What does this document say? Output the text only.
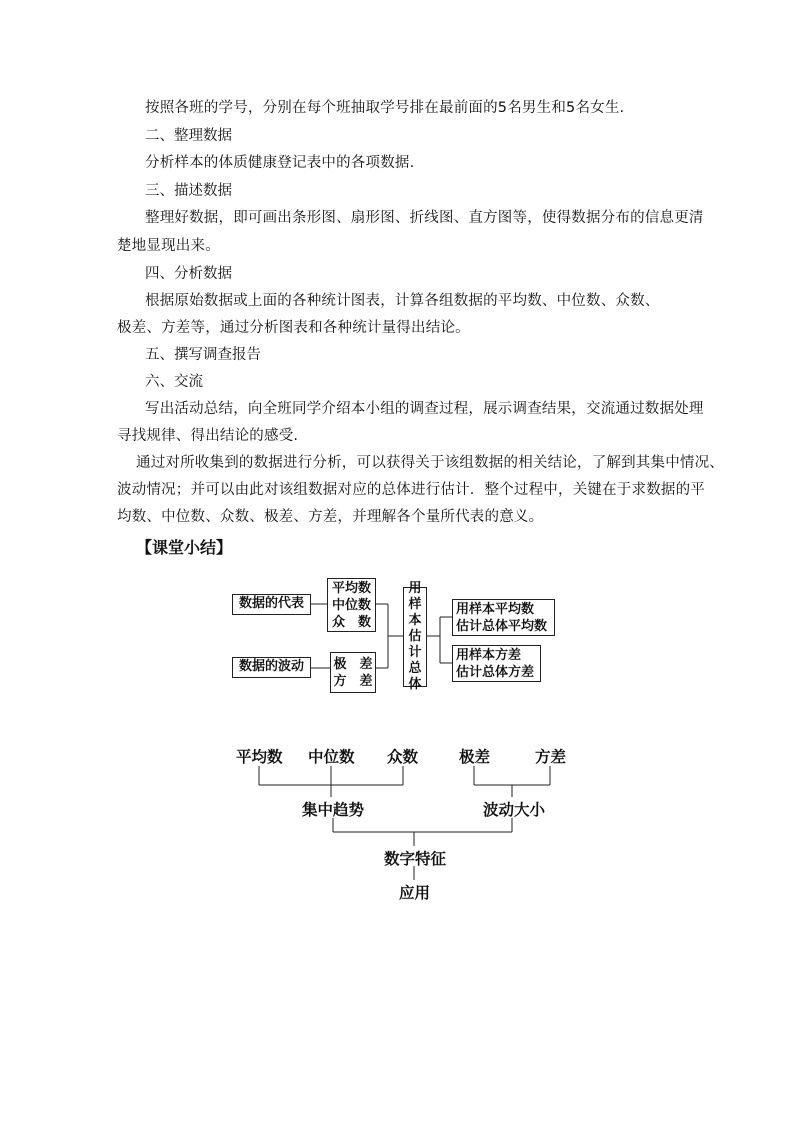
按照各班的学号，分别在每个班抽取学号排在最前面的5名男生和5名女生.
二、整理数据
分析样本的体质健康登记表中的各项数据.
三、描述数据
整理好数据，即可画出条形图、扇形图、折线图、直方图等，使得数据分布的信息更清
楚地显现出来。
四、分析数据
根据原始数据或上面的各种统计图表，计算各组数据的平均数、中位数、众数、
极差、方差等，通过分析图表和各种统计量得出结论。
五、撰写调查报告
六、交流
写出活动总结，向全班同学介绍本小组的调查过程，展示调查结果，交流通过数据处理
寻找规律、得出结论的感受.
通过对所收集到的数据进行分析，可以获得关于该组数据的相关结论，了解到其集中情况、
波动情况；并可以由此对该组数据对应的总体进行估计．整个过程中，关键在于求数据的平
均数、中位数、众数、极差、方差，并理解各个量所代表的意义。
【课堂小结】
数据的代表
数据的波动
平均数
中位数
众　数
极　差
方　差
用
样
本
估
计
总
体
用样本平均数
估计总体平均数
用样本方差
估计总体方差
平均数 中位数 众数	极差	方差
集中趋势	波动大小
数字特征
应用
